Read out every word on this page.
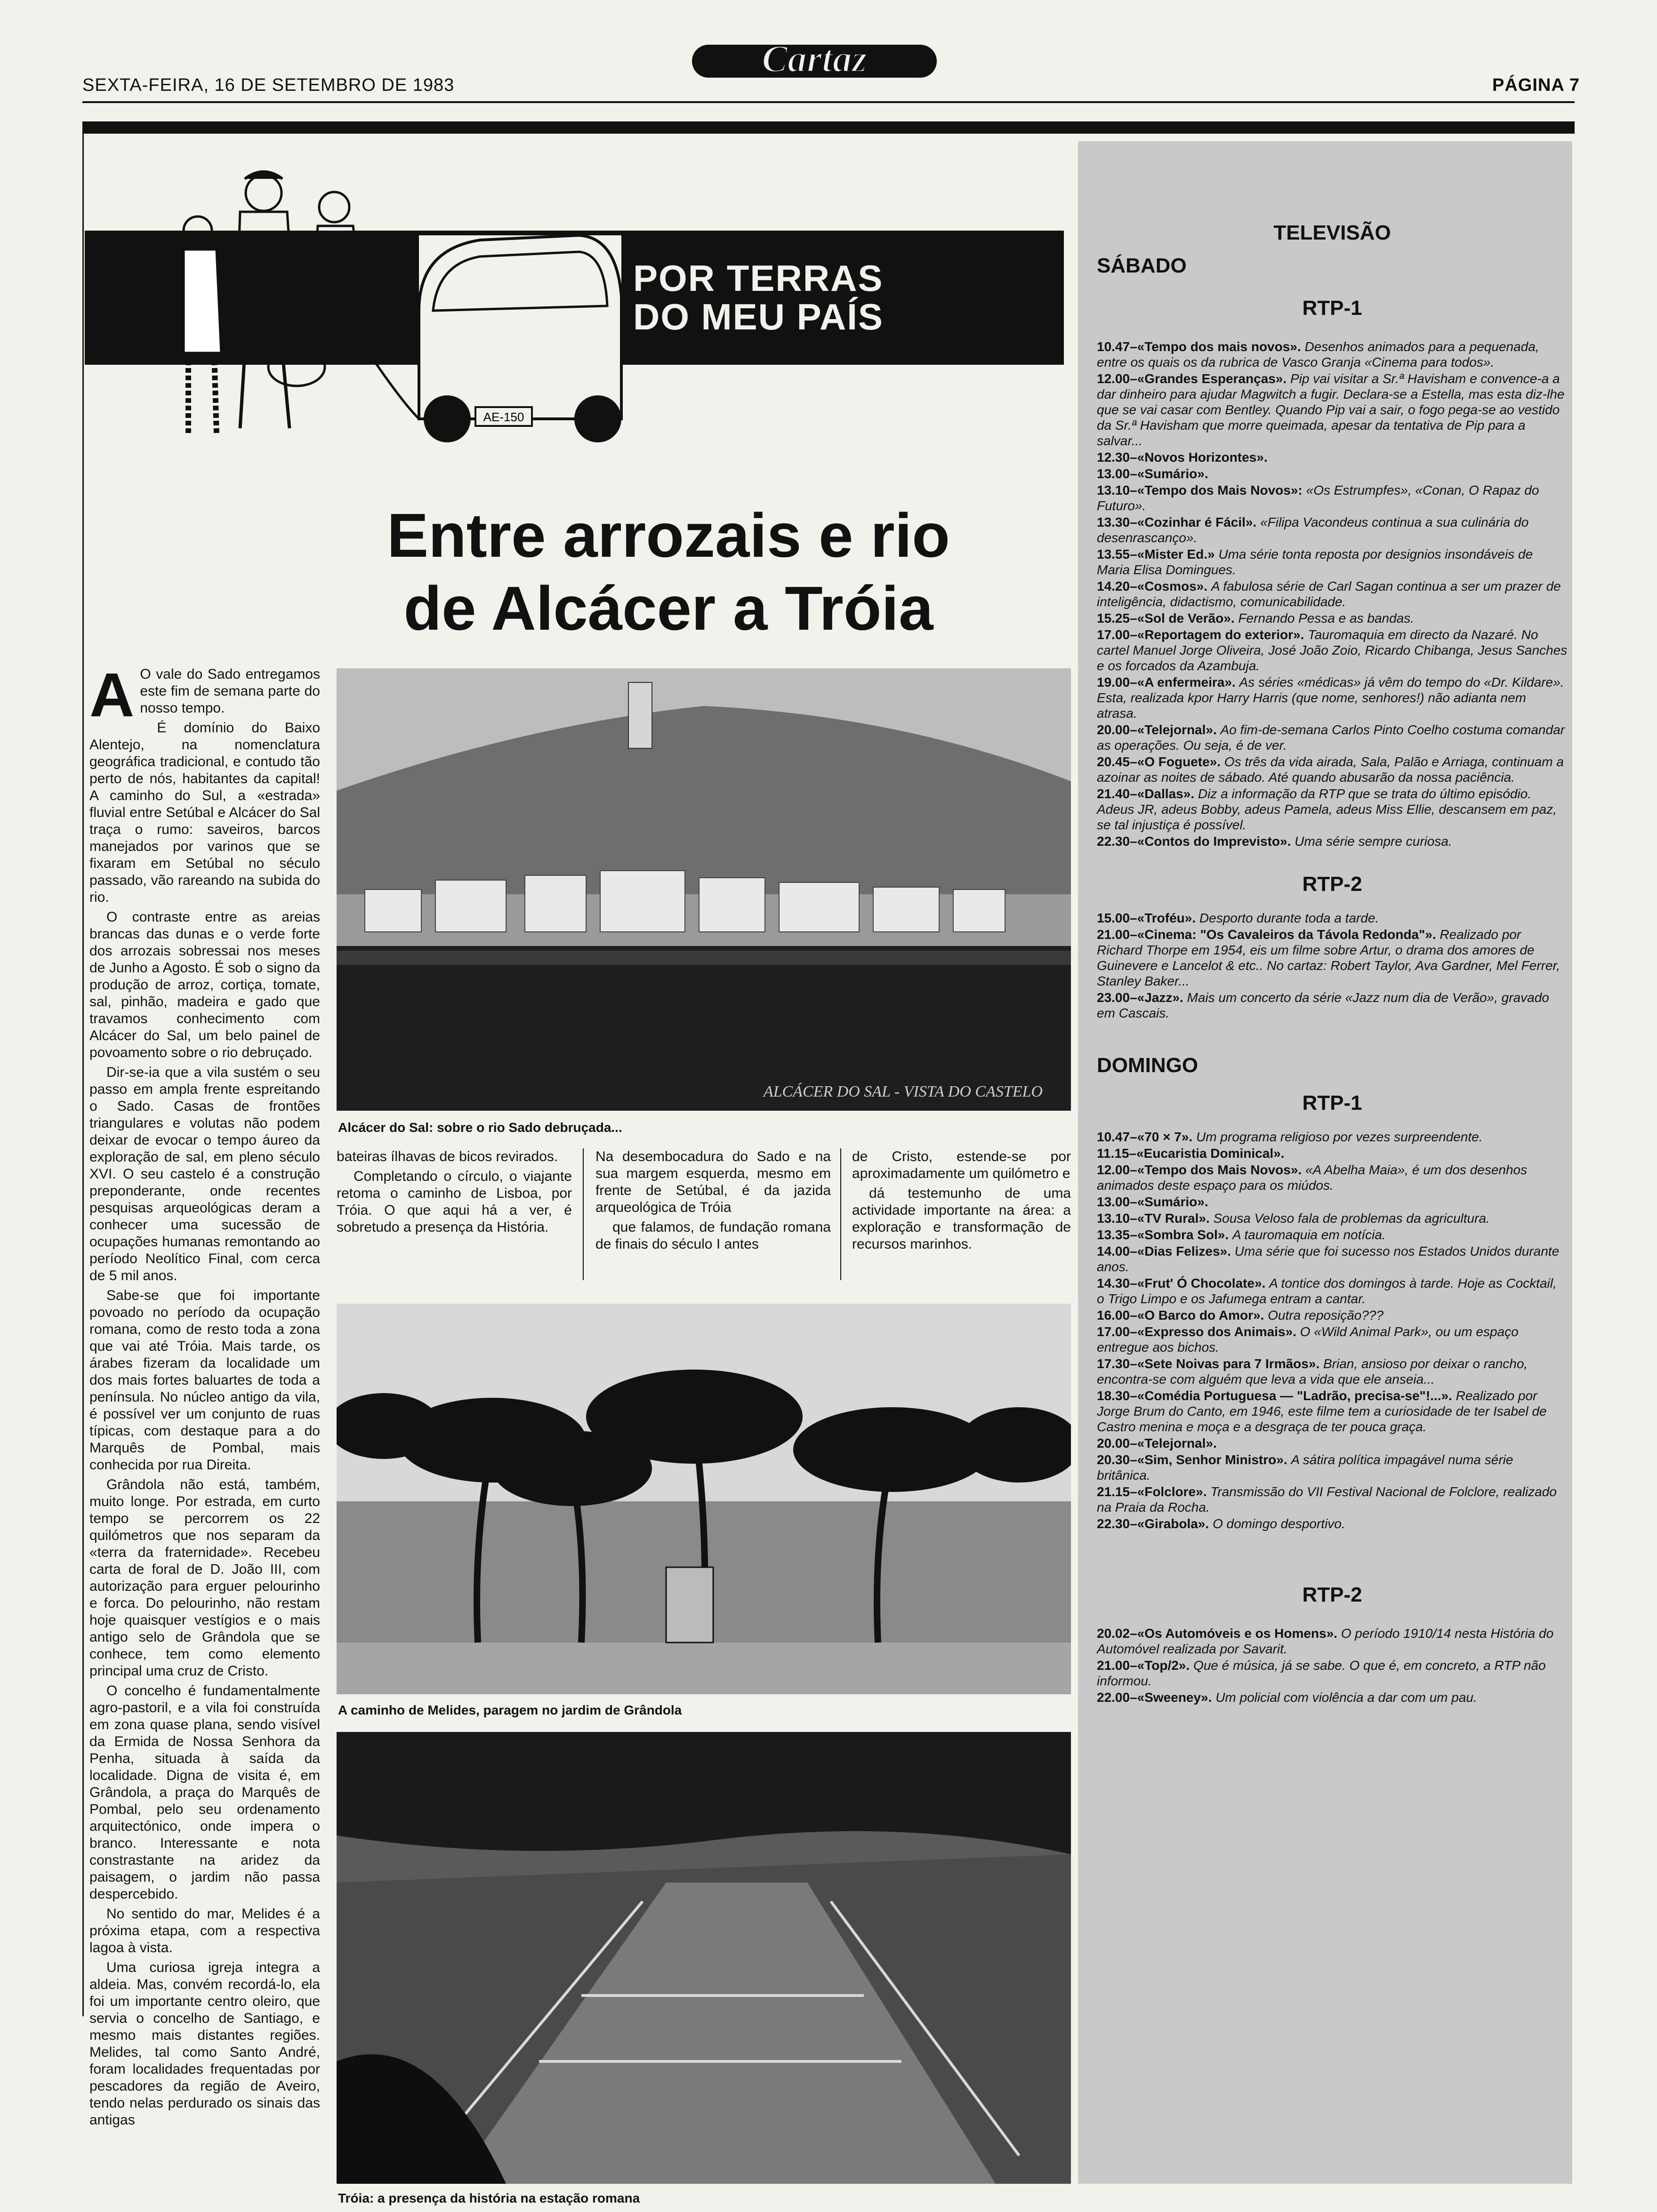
SEXTA-FEIRA, 16 DE SETEMBRO DE 1983
Cartaz
PÁGINA 7
POR TERRAS
DO MEU PAÍS
AE-150
Entre arrozais e rio
de Alcácer a Tróia
A O vale do Sado entregamos este fim de semana parte do nosso tempo.

É domínio do Baixo Alentejo, na nomenclatura geográfica tradicional, e contudo tão perto de nós, habitantes da capital! A caminho do Sul, a «estrada» fluvial entre Setúbal e Alcácer do Sal traça o rumo: saveiros, barcos manejados por varinos que se fixaram em Setúbal no século passado, vão rareando na subida do rio.

O contraste entre as areias brancas das dunas e o verde forte dos arrozais sobressai nos meses de Junho a Agosto. É sob o signo da produção de arroz, cortiça, tomate, sal, pinhão, madeira e gado que travamos conhecimento com Alcácer do Sal, um belo painel de povoamento sobre o rio debruçado.

Dir-se-ia que a vila sustém o seu passo em ampla frente espreitando o Sado. Casas de frontões triangulares e volutas não podem deixar de evocar o tempo áureo da exploração de sal, em pleno século XVI. O seu castelo é a construção preponderante, onde recentes pesquisas arqueológicas deram a conhecer uma sucessão de ocupações humanas remontando ao período Neolítico Final, com cerca de 5 mil anos.

Sabe-se que foi importante povoado no período da ocupação romana, como de resto toda a zona que vai até Tróia. Mais tarde, os árabes fizeram da localidade um dos mais fortes baluartes de toda a península. No núcleo antigo da vila, é possível ver um conjunto de ruas típicas, com destaque para a do Marquês de Pombal, mais conhecida por rua Direita.

Grândola não está, também, muito longe. Por estrada, em curto tempo se percorrem os 22 quilómetros que nos separam da «terra da fraternidade». Recebeu carta de foral de D. João III, com autorização para erguer pelourinho e forca. Do pelourinho, não restam hoje quaisquer vestígios e o mais antigo selo de Grândola que se conhece, tem como elemento principal uma cruz de Cristo.

O concelho é fundamentalmente agro-pastoril, e a vila foi construída em zona quase plana, sendo visível da Ermida de Nossa Senhora da Penha, situada à saída da localidade. Digna de visita é, em Grândola, a praça do Marquês de Pombal, pelo seu ordenamento arquitectónico, onde impera o branco. Interessante e nota constrastante na aridez da paisagem, o jardim não passa despercebido.

No sentido do mar, Melides é a próxima etapa, com a respectiva lagoa à vista.

Uma curiosa igreja integra a aldeia. Mas, convém recordá-lo, ela foi um importante centro oleiro, que servia o concelho de Santiago, e mesmo mais distantes regiões. Melides, tal como Santo André, foram localidades frequentadas por pescadores da região de Aveiro, tendo nelas perdurado os sinais das antigas

ALCÁCER DO SAL - VISTA DO CASTELO
Alcácer do Sal: sobre o rio Sado debruçada...

bateiras ílhavas de bicos revirados.

Completando o círculo, o viajante retoma o caminho de Lisboa, por Tróia. O que aqui há a ver, é sobretudo a presença da História.

Na desembocadura do Sado e na sua margem esquerda, mesmo em frente de Setúbal, é da jazida arqueológica de Tróia

que falamos, de fundação romana de finais do século I antes

de Cristo, estende-se por aproximadamente um quilómetro e

dá testemunho de uma actividade importante na área: a exploração e transformação de recursos marinhos.

A caminho de Melides, paragem no jardim de Grândola
Tróia: a presença da história na estação romana
TELEVISÃO
SÁBADO
RTP-1
10.47–«Tempo dos mais novos». Desenhos animados para a pequenada, entre os quais os da rubrica de Vasco Granja «Cinema para todos».
12.00–«Grandes Esperanças». Pip vai visitar a Sr.ª Havisham e convence-a a dar dinheiro para ajudar Magwitch a fugir. Declara-se a Estella, mas esta diz-lhe que se vai casar com Bentley. Quando Pip vai a sair, o fogo pega-se ao vestido da Sr.ª Havisham que morre queimada, apesar da tentativa de Pip para a salvar...
12.30–«Novos Horizontes».
13.00–«Sumário».
13.10–«Tempo dos Mais Novos»: «Os Estrumpfes», «Conan, O Rapaz do Futuro».
13.30–«Cozinhar é Fácil». «Filipa Vacondeus continua a sua culinária do desenrascanço».
13.55–«Mister Ed.» Uma série tonta reposta por designios insondáveis de Maria Elisa Domingues.
14.20–«Cosmos». A fabulosa série de Carl Sagan continua a ser um prazer de inteligência, didactismo, comunicabilidade.
15.25–«Sol de Verão». Fernando Pessa e as bandas.
17.00–«Reportagem do exterior». Tauromaquia em directo da Nazaré. No cartel Manuel Jorge Oliveira, José João Zoio, Ricardo Chibanga, Jesus Sanches e os forcados da Azambuja.
19.00–«A enfermeira». As séries «médicas» já vêm do tempo do «Dr. Kildare». Esta, realizada kpor Harry Harris (que nome, senhores!) não adianta nem atrasa.
20.00–«Telejornal». Ao fim-de-semana Carlos Pinto Coelho costuma comandar as operações. Ou seja, é de ver.
20.45–«O Foguete». Os três da vida airada, Sala, Palão e Arriaga, continuam a azoinar as noites de sábado. Até quando abusarão da nossa paciência.
21.40–«Dallas». Diz a informação da RTP que se trata do último episódio. Adeus JR, adeus Bobby, adeus Pamela, adeus Miss Ellie, descansem em paz, se tal injustiça é possível.
22.30–«Contos do Imprevisto». Uma série sempre curiosa.
RTP-2
15.00–«Troféu». Desporto durante toda a tarde.
21.00–«Cinema: "Os Cavaleiros da Távola Redonda"». Realizado por Richard Thorpe em 1954, eis um filme sobre Artur, o drama dos amores de Guinevere e Lancelot & etc.. No cartaz: Robert Taylor, Ava Gardner, Mel Ferrer, Stanley Baker...
23.00–«Jazz». Mais um concerto da série «Jazz num dia de Verão», gravado em Cascais.
DOMINGO
RTP-1
10.47–«70 × 7». Um programa religioso por vezes surpreendente.
11.15–«Eucaristia Dominical».
12.00–«Tempo dos Mais Novos». «A Abelha Maia», é um dos desenhos animados deste espaço para os miúdos.
13.00–«Sumário».
13.10–«TV Rural». Sousa Veloso fala de problemas da agricultura.
13.35–«Sombra Sol». A tauromaquia em notícia.
14.00–«Dias Felizes». Uma série que foi sucesso nos Estados Unidos durante anos.
14.30–«Frut' Ó Chocolate». A tontice dos domingos à tarde. Hoje as Cocktail, o Trigo Limpo e os Jafumega entram a cantar.
16.00–«O Barco do Amor». Outra reposição???
17.00–«Expresso dos Animais». O «Wild Animal Park», ou um espaço entregue aos bichos.
17.30–«Sete Noivas para 7 Irmãos». Brian, ansioso por deixar o rancho, encontra-se com alguém que leva a vida que ele anseia...
18.30–«Comédia Portuguesa — "Ladrão, precisa-se"!...». Realizado por Jorge Brum do Canto, em 1946, este filme tem a curiosidade de ter Isabel de Castro menina e moça e a desgraça de ter pouca graça.
20.00–«Telejornal».
20.30–«Sim, Senhor Ministro». A sátira política impagável numa série britânica.
21.15–«Folclore». Transmissão do VII Festival Nacional de Folclore, realizado na Praia da Rocha.
22.30–«Girabola». O domingo desportivo.
RTP-2
20.02–«Os Automóveis e os Homens». O período 1910/14 nesta História do Automóvel realizada por Savarit.
21.00–«Top/2». Que é música, já se sabe. O que é, em concreto, a RTP não informou.
22.00–«Sweeney». Um policial com violência a dar com um pau.
